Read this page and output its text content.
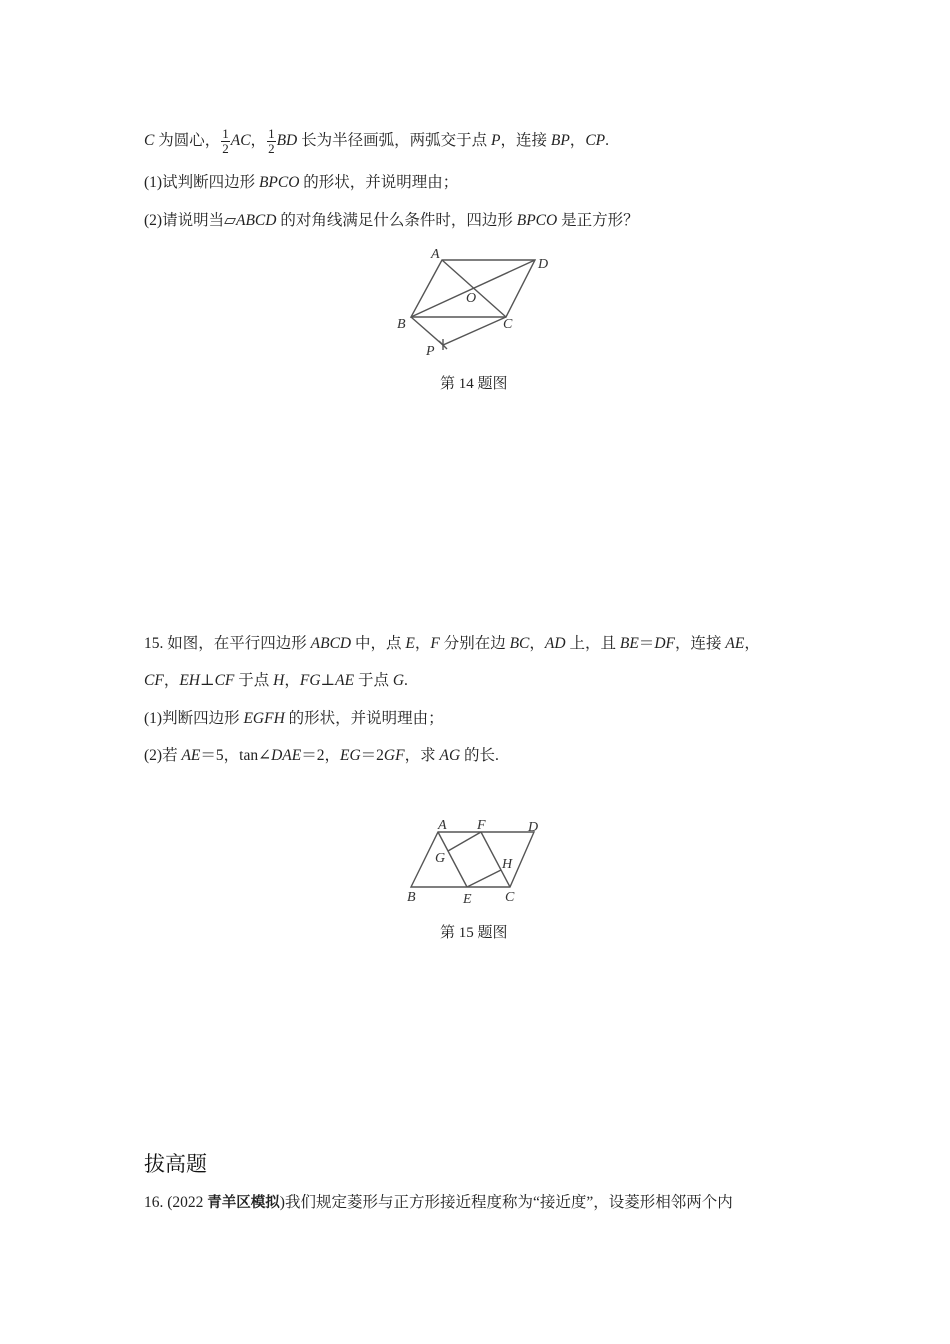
C 为圆心， $\frac{1}{2}$ AC， $\frac{1}{2}$ BD 长为半径画弧，两弧交于点 P，连接 BP，CP.
(1)试判断四边形 BPCO 的形状，并说明理由；
(2)请说明当▱ABCD 的对角线满足什么条件时，四边形 BPCO 是正方形？
A
D
O
B	C
P
第 14 题图
15. 如图，在平行四边形 ABCD 中，点 E，F 分别在边 BC，AD 上，且 BE＝DF，连接 AE，
CF，EH⊥CF 于点 H，FG⊥AE 于点 G.
(1)判断四边形 EGFH 的形状，并说明理由；
(2)若 AE＝5，tan∠DAE＝2，EG＝2GF，求 AG 的长.
A F	D
G	H
B	E C
第 15 题图
拔高题
16. (2022 青羊区模拟)我们规定菱形与正方形接近程度称为“接近度”，设菱形相邻两个内
